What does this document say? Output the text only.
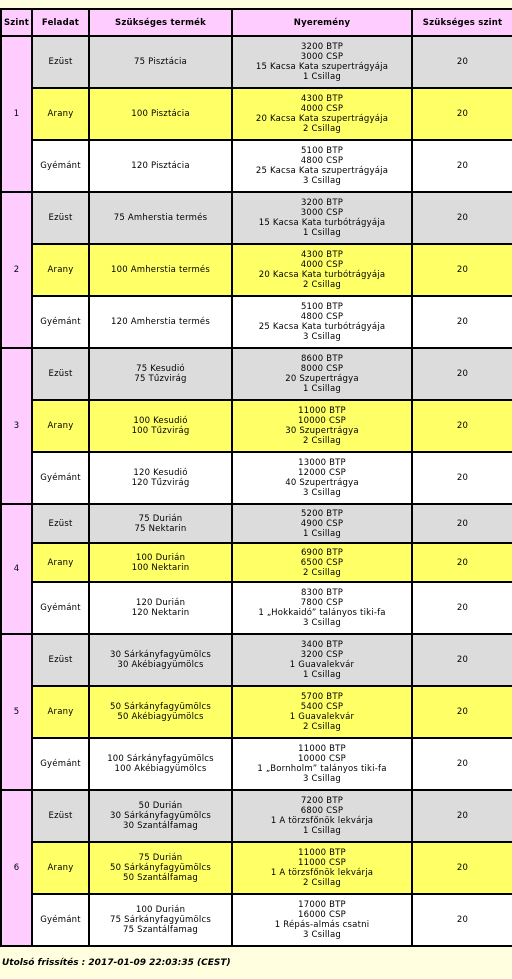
Szint	Feladat	Szükséges termék	Nyeremény	Szükséges szint
1	Ezüst	75 Pisztácia	3200 BTP
3000 CSP
15 Kacsa Kata szupertrágyája
1 Csillag	20
	Arany	100 Pisztácia	4300 BTP
4000 CSP
20 Kacsa Kata szupertrágyája
2 Csillag	20
	Gyémánt	120 Pisztácia	5100 BTP
4800 CSP
25 Kacsa Kata szupertrágyája
3 Csillag	20
2	Ezüst	75 Amherstia termés	3200 BTP
3000 CSP
15 Kacsa Kata turbótrágyája
1 Csillag	20
	Arany	100 Amherstia termés	4300 BTP
4000 CSP
20 Kacsa Kata turbótrágyája
2 Csillag	20
	Gyémánt	120 Amherstia termés	5100 BTP
4800 CSP
25 Kacsa Kata turbótrágyája
3 Csillag	20
3	Ezüst	75 Kesudió
75 Tűzvirág	8600 BTP
8000 CSP
20 Szupertrágya
1 Csillag	20
	Arany	100 Kesudió
100 Tűzvirág	11000 BTP
10000 CSP
30 Szupertrágya
2 Csillag	20
	Gyémánt	120 Kesudió
120 Tűzvirág	13000 BTP
12000 CSP
40 Szupertrágya
3 Csillag	20
4	Ezüst	75 Durián
75 Nektarin	5200 BTP
4900 CSP
1 Csillag	20
	Arany	100 Durián
100 Nektarin	6900 BTP
6500 CSP
2 Csillag	20
	Gyémánt	120 Durián
120 Nektarin	8300 BTP
7800 CSP
1 „Hokkaidó” talányos tiki-fa
3 Csillag	20
5	Ezüst	30 Sárkányfagyümölcs
30 Akébiagyümölcs	3400 BTP
3200 CSP
1 Guavalekvár
1 Csillag	20
	Arany	50 Sárkányfagyümölcs
50 Akébiagyümölcs	5700 BTP
5400 CSP
1 Guavalekvár
2 Csillag	20
	Gyémánt	100 Sárkányfagyümölcs
100 Akébiagyümölcs	11000 BTP
10000 CSP
1 „Bornholm” talányos tiki-fa
3 Csillag	20
6	Ezüst	50 Durián
30 Sárkányfagyümölcs
30 Szantálfamag	7200 BTP
6800 CSP
1 A törzsfőnök lekvárja
1 Csillag	20
	Arany	75 Durián
50 Sárkányfagyümölcs
50 Szantálfamag	11000 BTP
11000 CSP
1 A törzsfőnök lekvárja
2 Csillag	20
	Gyémánt	100 Durián
75 Sárkányfagyümölcs
75 Szantálfamag	17000 BTP
16000 CSP
1 Répás-almás csatni
3 Csillag	20
Utolsó frissítés : 2017-01-09 22:03:35 (CEST)
